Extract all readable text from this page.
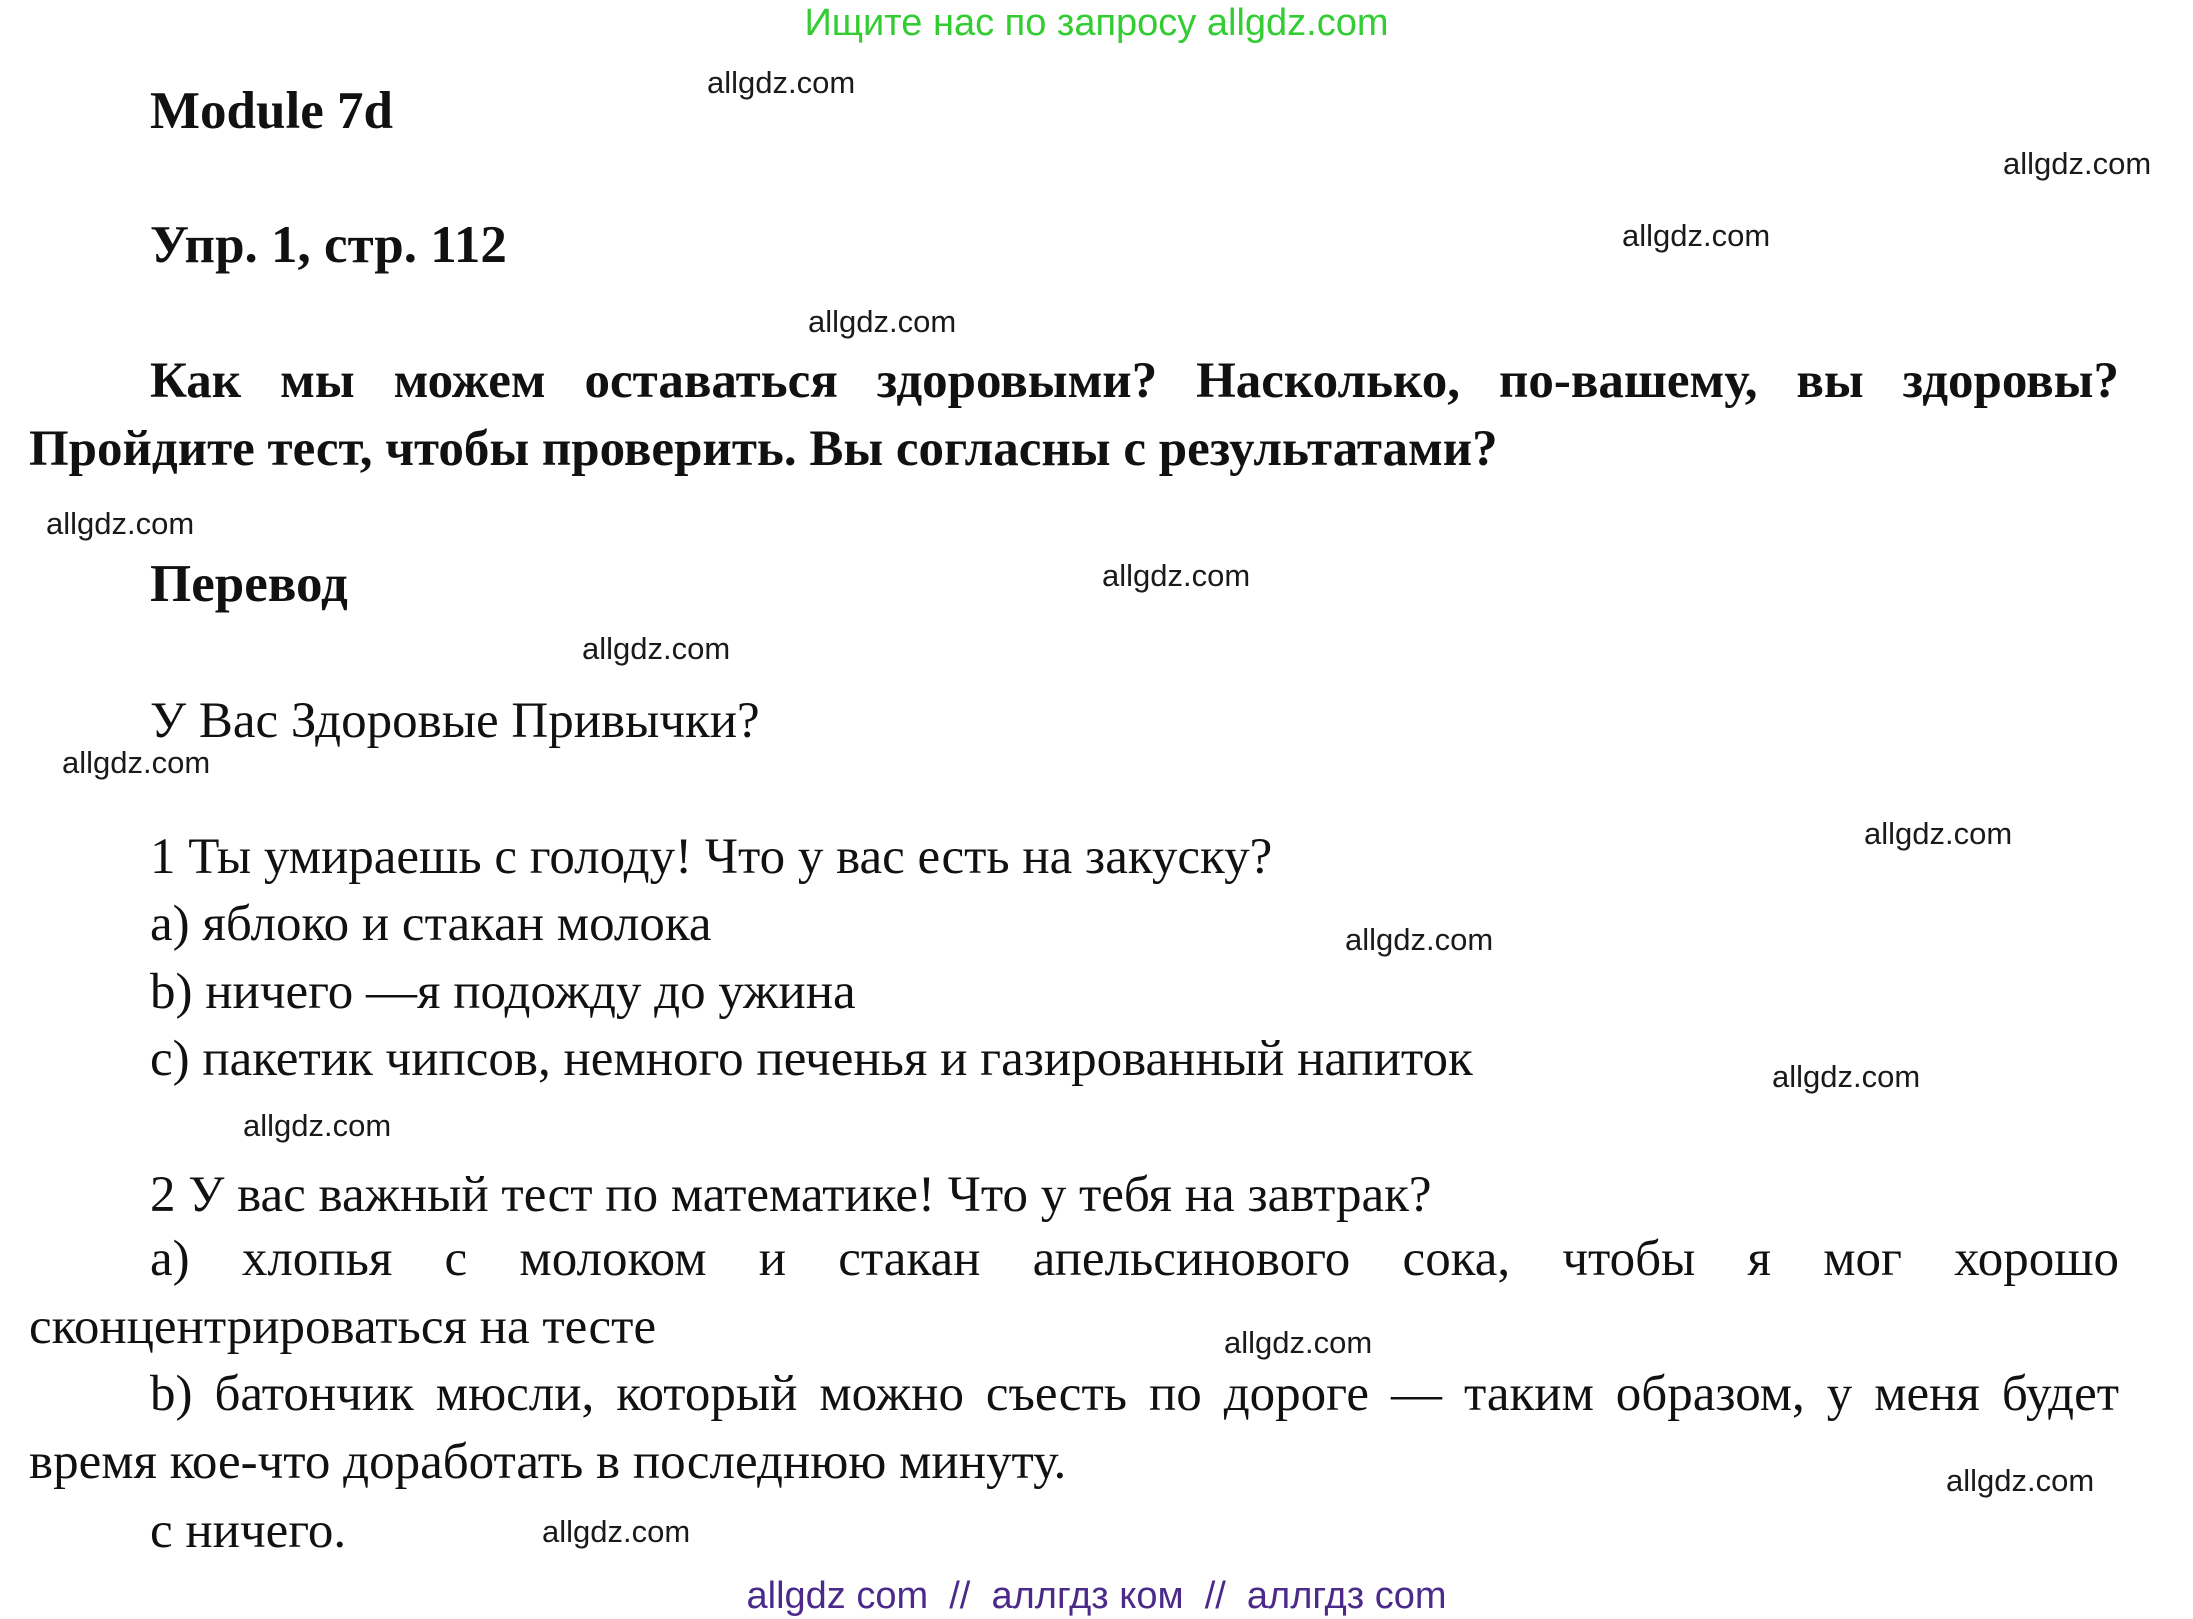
Ищите нас по запросу allgdz.com
Module 7d
Упр. 1, стр. 112

Как мы можем оставаться здоровыми? Насколько, по-вашему, вы здоровы? Пройдите тест, чтобы проверить. Вы согласны с результатами?

Перевод
У Вас Здоровые Привычки?
1 Ты умираешь с голоду! Что у вас есть на закуску?
a) яблоко и стакан молока
b) ничего —я подожду до ужина
c) пакетик чипсов, немного печенья и газированный напиток
2 У вас важный тест по математике! Что у тебя на завтрак?

a) хлопья с молоком и стакан апельсинового сока, чтобы я мог хорошо сконцентрироваться на тесте

b) батончик мюсли, который можно съесть по дороге — таким образом, у меня будет время кое-что доработать в последнюю минуту.

с ничего.
allgdz.com
allgdz.com
allgdz.com
allgdz.com
allgdz.com
allgdz.com
allgdz.com
allgdz.com
allgdz.com
allgdz.com
allgdz.com
allgdz.com
allgdz.com
allgdz.com
allgdz.com
allgdz com  //  аллгдз ком  //  аллгдз com
